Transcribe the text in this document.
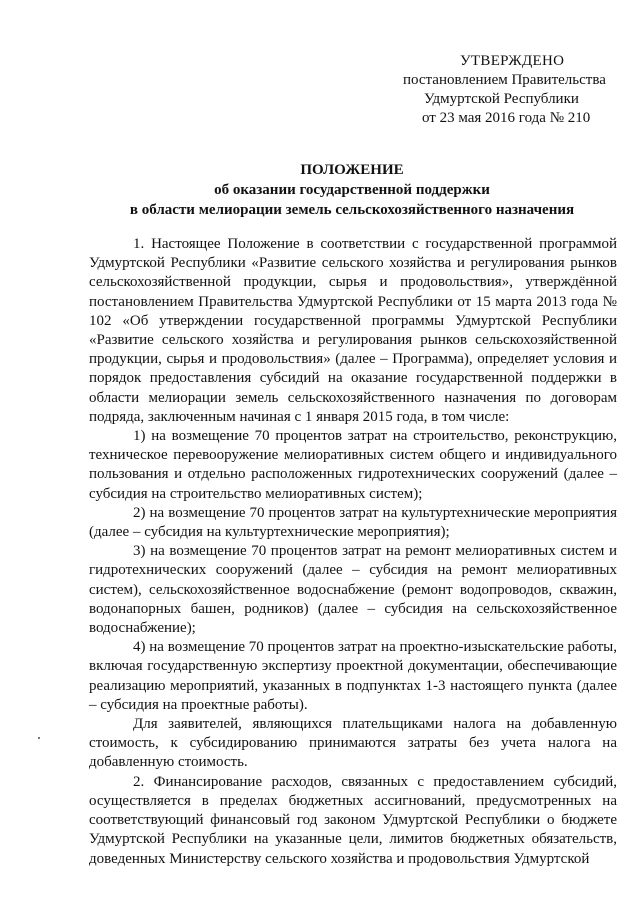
УТВЕРЖДЕНО
постановлением Правительства
Удмуртской Республики
от 23 мая 2016 года № 210
ПОЛОЖЕНИЕ
об оказании государственной поддержки
в области мелиорации земель сельскохозяйственного назначения

1. Настоящее Положение в соответствии с государственной программой Удмуртской Республики «Развитие сельского хозяйства и регулирования рынков сельскохозяйственной продукции, сырья и продовольствия», утверждённой постановлением Правительства Удмуртской Республики от 15 марта 2013 года № 102 «Об утверждении государственной программы Удмуртской Республики «Развитие сельского хозяйства и регулирования рынков сельскохозяйственной продукции, сырья и продовольствия» (далее – Программа), определяет условия и порядок предоставления субсидий на оказание государственной поддержки в области мелиорации земель сельскохозяйственного назначения по договорам подряда, заключенным начиная с 1 января 2015 года, в том числе:

1) на возмещение 70 процентов затрат на строительство, реконструкцию, техническое перевооружение мелиоративных систем общего и индивидуального пользования и отдельно расположенных гидротехнических сооружений (далее – субсидия на строительство мелиоративных систем);

2) на возмещение 70 процентов затрат на культуртехнические мероприятия (далее – субсидия на культуртехнические мероприятия);

3) на возмещение 70 процентов затрат на ремонт мелиоративных систем и гидротехнических сооружений (далее – субсидия на ремонт мелиоративных систем), сельскохозяйственное водоснабжение (ремонт водопроводов, скважин, водонапорных башен, родников) (далее – субсидия на сельскохозяйственное водоснабжение);

4) на возмещение 70 процентов затрат на проектно-изыскательские работы, включая государственную экспертизу проектной документации, обеспечивающие реализацию мероприятий, указанных в подпунктах 1-3 настоящего пункта (далее – субсидия на проектные работы).

Для заявителей, являющихся плательщиками налога на добавленную стоимость, к субсидированию принимаются затраты без учета налога на добавленную стоимость.

2. Финансирование расходов, связанных с предоставлением субсидий, осуществляется в пределах бюджетных ассигнований, предусмотренных на соответствующий финансовый год законом Удмуртской Республики о бюджете Удмуртской Республики на указанные цели, лимитов бюджетных обязательств, доведенных Министерству сельского хозяйства и продовольствия Удмуртской
